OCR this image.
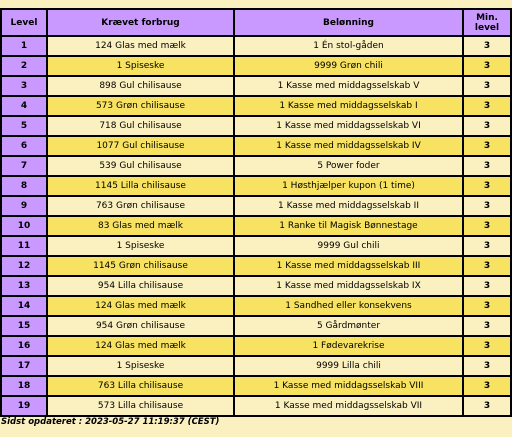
Level	Krævet forbrug	Belønning	Min.
level
1	124 Glas med mælk	1 Én stol-gåden	3
2	1 Spiseske	9999 Grøn chili	3
3	898 Gul chilisause	1 Kasse med middagsselskab V	3
4	573 Grøn chilisause	1 Kasse med middagsselskab I	3
5	718 Gul chilisause	1 Kasse med middagsselskab VI	3
6	1077 Gul chilisause	1 Kasse med middagsselskab IV	3
7	539 Gul chilisause	5 Power foder	3
8	1145 Lilla chilisause	1 Høsthjælper kupon (1 time)	3
9	763 Grøn chilisause	1 Kasse med middagsselskab II	3
10	83 Glas med mælk	1 Ranke til Magisk Bønnestage	3
11	1 Spiseske	9999 Gul chili	3
12	1145 Grøn chilisause	1 Kasse med middagsselskab III	3
13	954 Lilla chilisause	1 Kasse med middagsselskab IX	3
14	124 Glas med mælk	1 Sandhed eller konsekvens	3
15	954 Grøn chilisause	5 Gårdmønter	3
16	124 Glas med mælk	1 Fødevarekrise	3
17	1 Spiseske	9999 Lilla chili	3
18	763 Lilla chilisause	1 Kasse med middagsselskab VIII	3
19	573 Lilla chilisause	1 Kasse med middagsselskab VII	3
Sidst opdateret : 2023-05-27 11:19:37 (CEST)
